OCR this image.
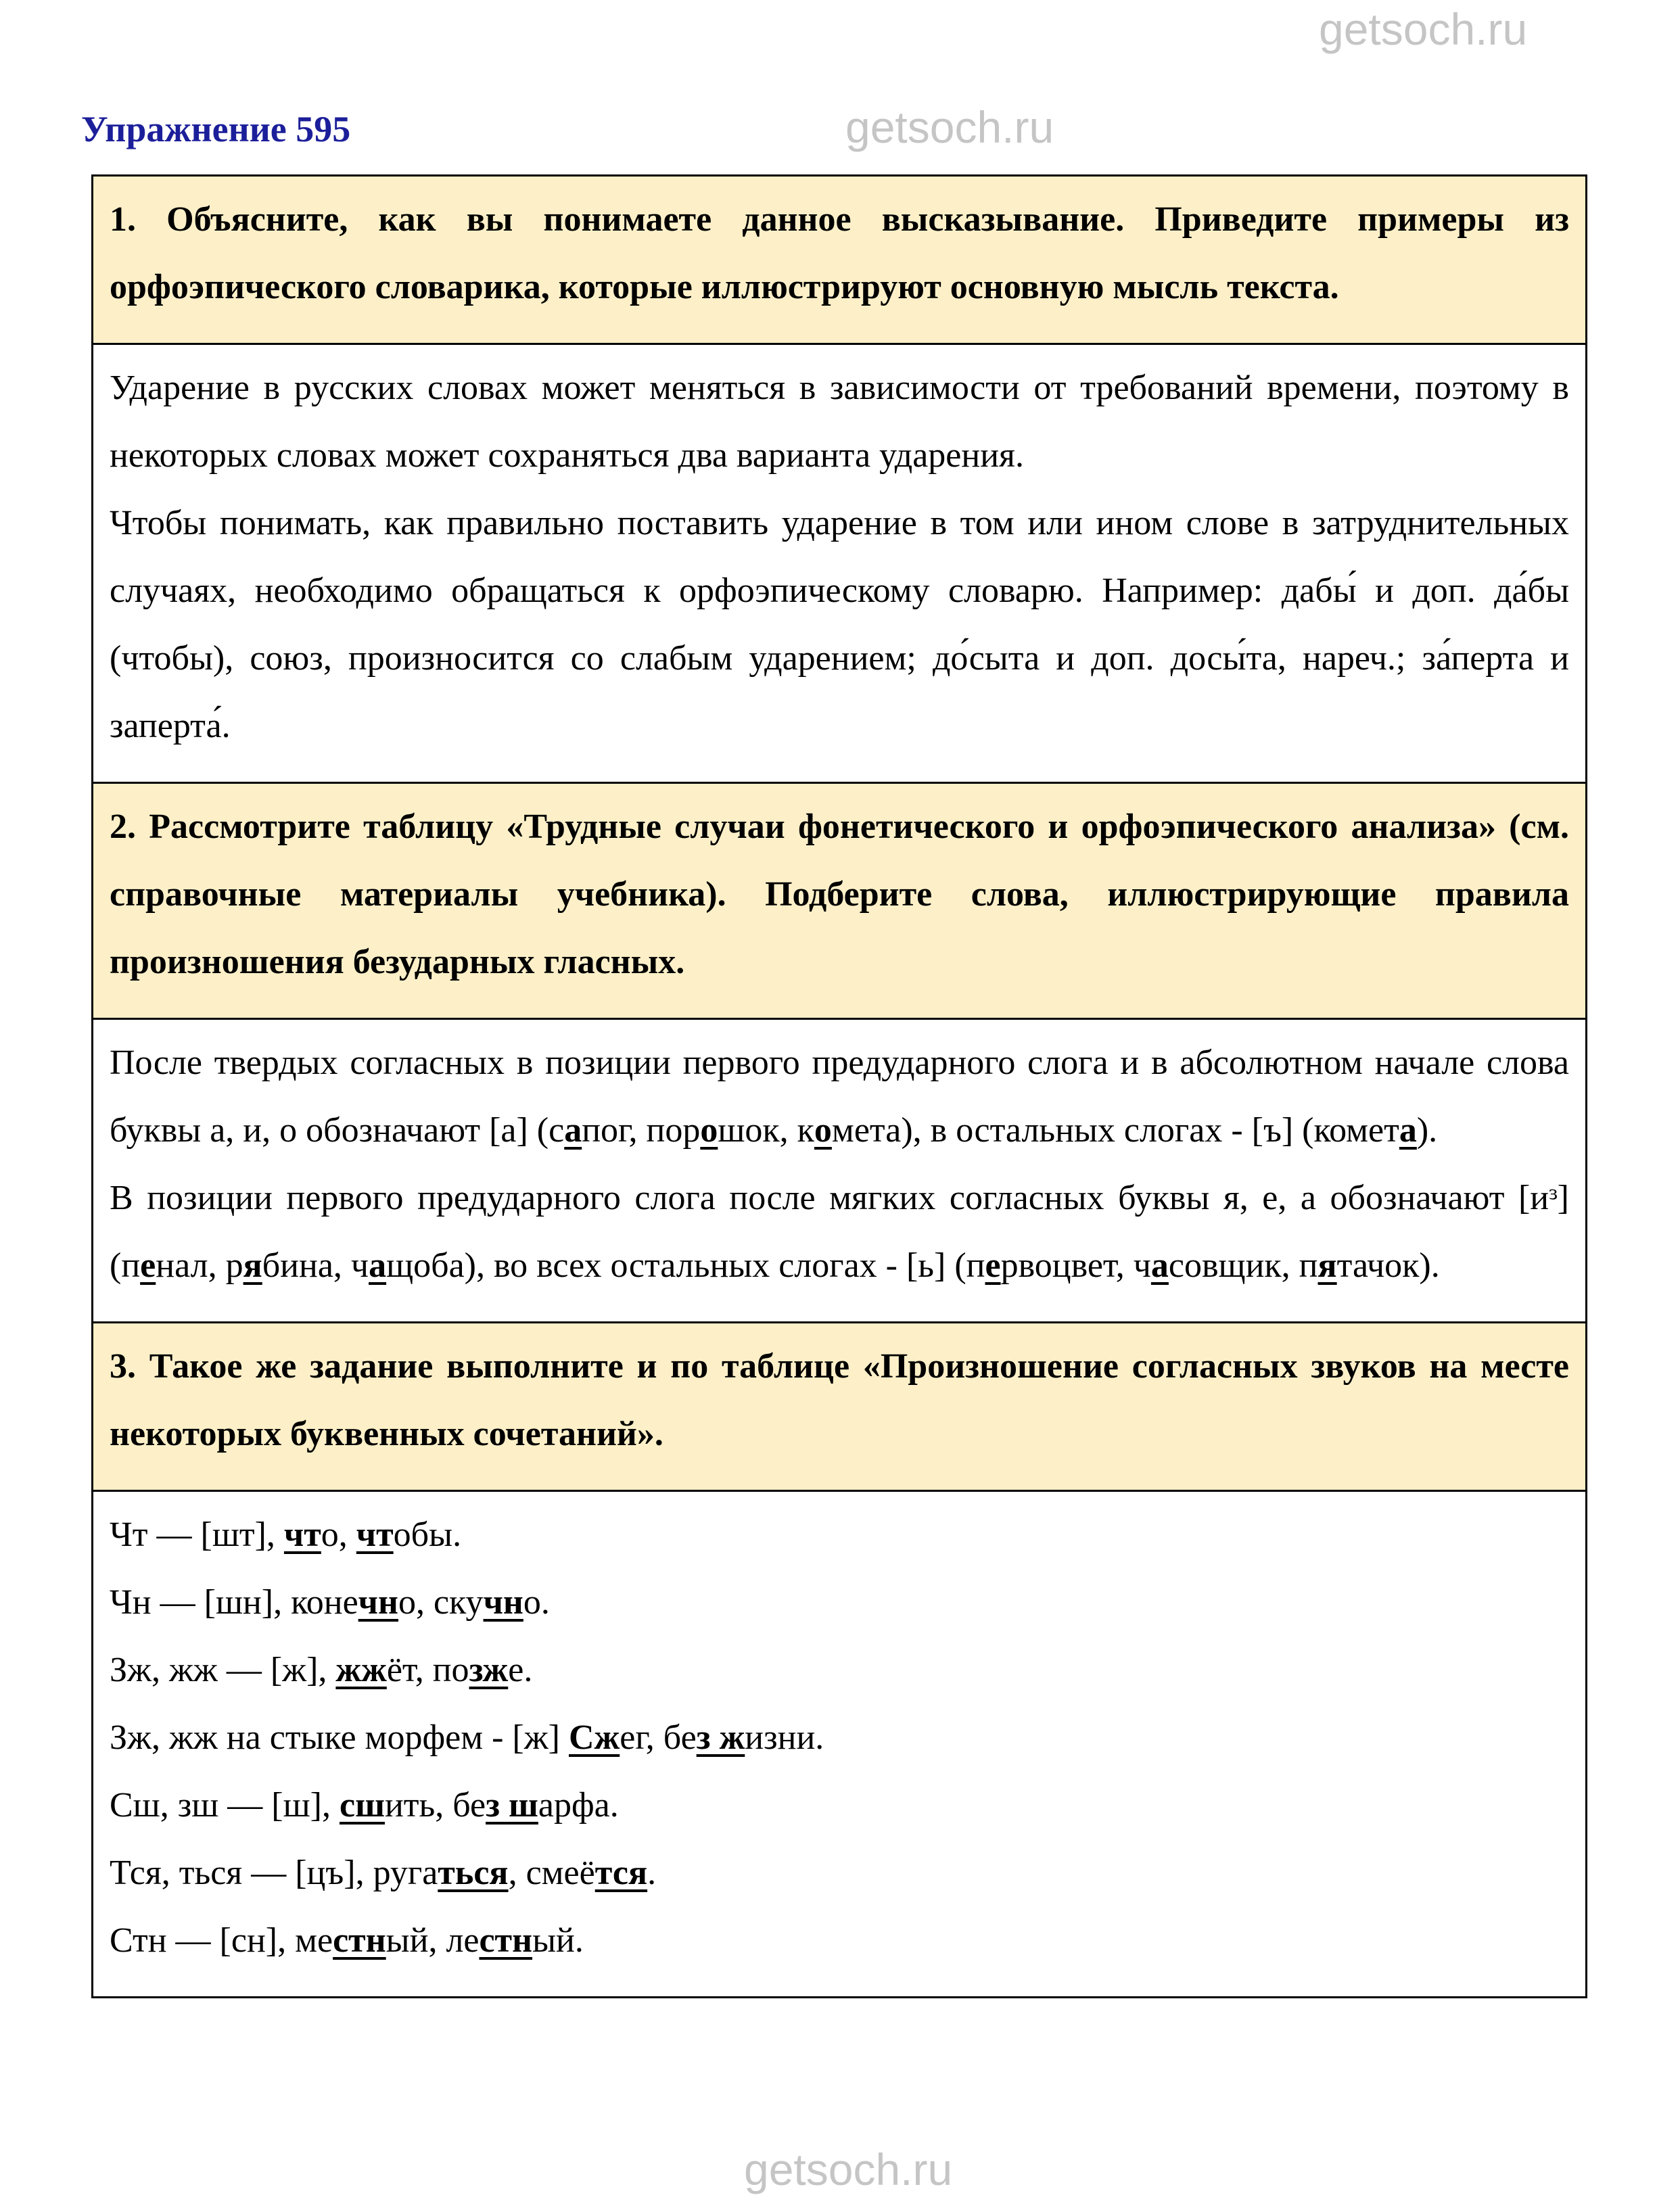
Упражнение 595

1. Объясните, как вы понимаете данное высказывание. Приведите примеры из орфоэпического словарика, которые иллюстрируют основную мысль текста.

Ударение в русских словах может меняться в зависимости от требований времени, поэтому в некоторых словах может сохраняться два варианта ударения.

Чтобы понимать, как правильно поставить ударение в том или ином слове в затруднительных случаях, необходимо обращаться к орфоэпическому словарю. Например: дабы́ и доп. да́бы (чтобы), союз, произносится со слабым ударением; до́сыта и доп. досы́та, нареч.; за́перта и заперта́.

2. Рассмотрите таблицу «Трудные случаи фонетического и орфоэпического анализа» (см. справочные материалы учебника). Подберите слова, иллюстрирующие правила произношения безударных гласных.

После твердых согласных в позиции первого предударного слога и в абсолютном начале слова буквы а, и, о обозначают [а] (сапог, порошок, комета), в остальных слогах - [ъ] (комета).

В позиции первого предударного слога после мягких согласных буквы я, е, а обозначают [иᵌ] (пенал, рябина, чащоба), во всех остальных слогах - [ь] (первоцвет, часовщик, пятачок).

3. Такое же задание выполните и по таблице «Произношение согласных звуков на месте некоторых буквенных сочетаний».

Чт — [шт], что, чтобы.

Чн — [шн], конечно, скучно.

Зж, жж — [ж], жжёт, позже.

Зж, жж на стыке морфем - [ж] Сжег, без жизни.

Сш, зш — [ш], сшить, без шарфа.

Тся, ться — [цъ], ругаться, смеётся.

Стн — [сн], местный, лестный.

getsoch.ru
getsoch.ru
getsoch.ru
